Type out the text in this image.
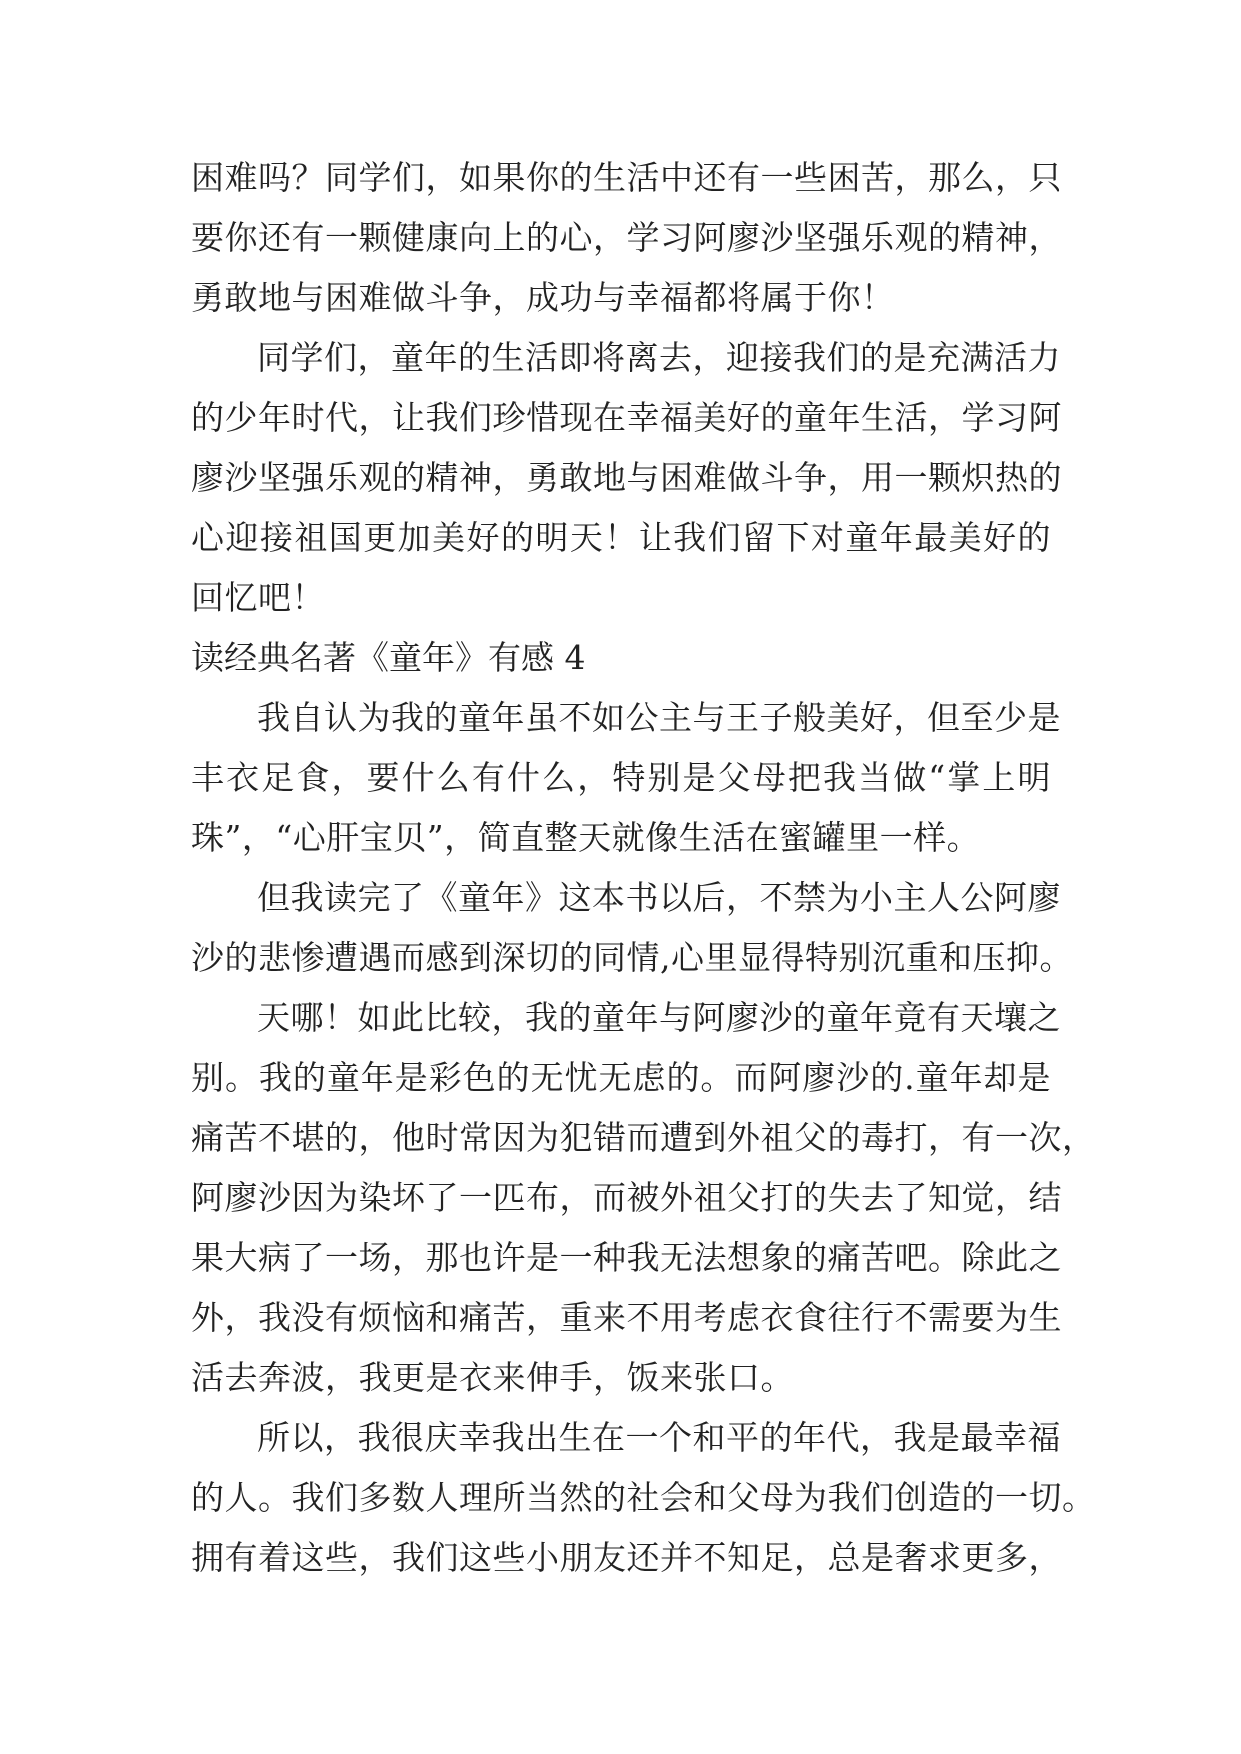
困难吗？同学们，如果你的生活中还有一些困苦，那么，只
要你还有一颗健康向上的心，学习阿廖沙坚强乐观的精神，
勇敢地与困难做斗争，成功与幸福都将属于你！
同学们，童年的生活即将离去，迎接我们的是充满活力
的少年时代，让我们珍惜现在幸福美好的童年生活，学习阿
廖沙坚强乐观的精神，勇敢地与困难做斗争，用一颗炽热的
心迎接祖国更加美好的明天！让我们留下对童年最美好的
回忆吧！
读经典名著《童年》有感 4
我自认为我的童年虽不如公主与王子般美好，但至少是
丰衣足食，要什么有什么，特别是父母把我当做“掌上明
珠”，“心肝宝贝”，简直整天就像生活在蜜罐里一样。
但我读完了《童年》这本书以后，不禁为小主人公阿廖
沙的悲惨遭遇而感到深切的同情,心里显得特别沉重和压抑。
天哪！如此比较，我的童年与阿廖沙的童年竟有天壤之
别。我的童年是彩色的无忧无虑的。而阿廖沙的.童年却是
痛苦不堪的，他时常因为犯错而遭到外祖父的毒打，有一次，
阿廖沙因为染坏了一匹布，而被外祖父打的失去了知觉，结
果大病了一场，那也许是一种我无法想象的痛苦吧。除此之
外，我没有烦恼和痛苦，重来不用考虑衣食往行不需要为生
活去奔波，我更是衣来伸手，饭来张口。
所以，我很庆幸我出生在一个和平的年代，我是最幸福
的人。我们多数人理所当然的社会和父母为我们创造的一切。
拥有着这些，我们这些小朋友还并不知足，总是奢求更多，
